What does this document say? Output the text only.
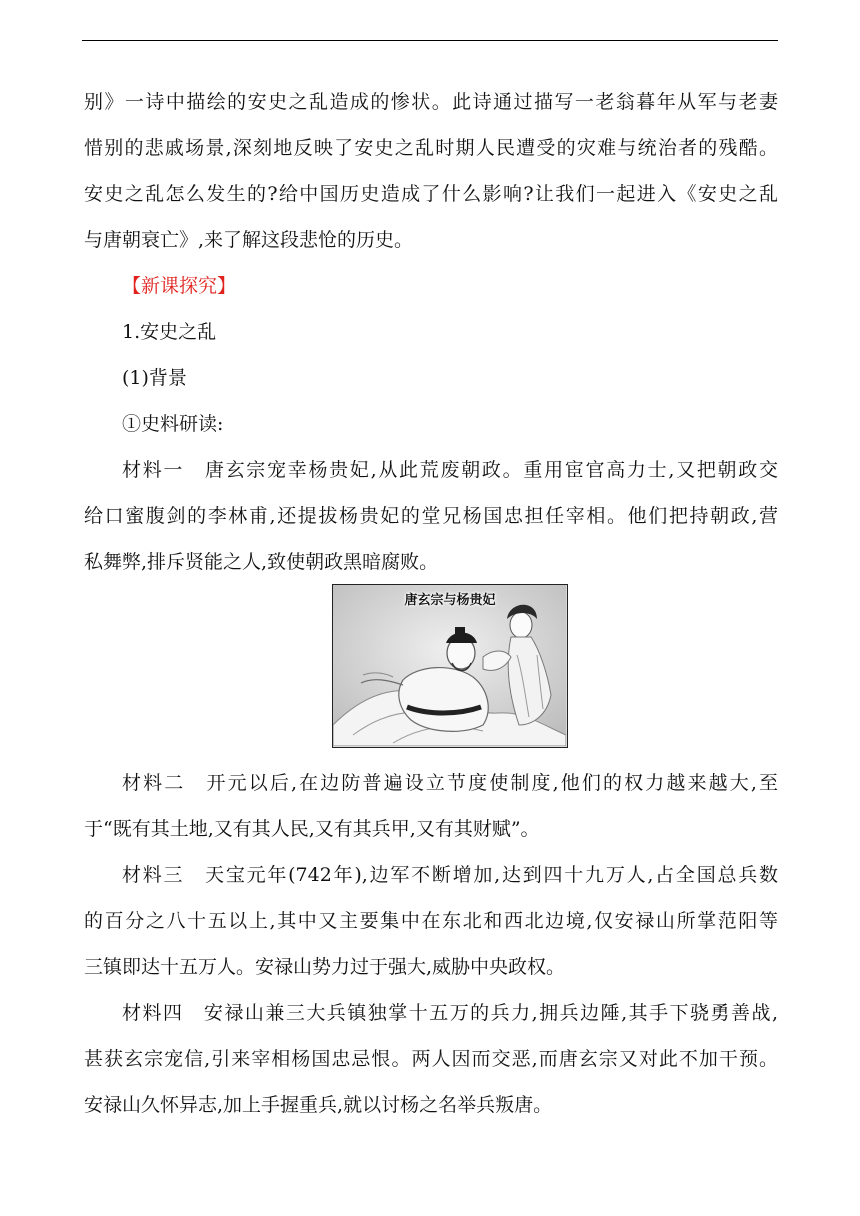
别》一诗中描绘的安史之乱造成的惨状。此诗通过描写一老翁暮年从军与老妻
惜别的悲戚场景,深刻地反映了安史之乱时期人民遭受的灾难与统治者的残酷。
安史之乱怎么发生的?给中国历史造成了什么影响?让我们一起进入《安史之乱
与唐朝衰亡》,来了解这段悲怆的历史。
【新课探究】
1.安史之乱
(1)背景
①史料研读:
材料一　唐玄宗宠幸杨贵妃,从此荒废朝政。重用宦官高力士,又把朝政交
给口蜜腹剑的李林甫,还提拔杨贵妃的堂兄杨国忠担任宰相。他们把持朝政,营
私舞弊,排斥贤能之人,致使朝政黑暗腐败。
唐玄宗与杨贵妃
材料二　开元以后,在边防普遍设立节度使制度,他们的权力越来越大,至
于“既有其土地,又有其人民,又有其兵甲,又有其财赋”。
材料三　天宝元年(742年),边军不断增加,达到四十九万人,占全国总兵数
的百分之八十五以上,其中又主要集中在东北和西北边境,仅安禄山所掌范阳等
三镇即达十五万人。安禄山势力过于强大,威胁中央政权。
材料四　安禄山兼三大兵镇独掌十五万的兵力,拥兵边陲,其手下骁勇善战,
甚获玄宗宠信,引来宰相杨国忠忌恨。两人因而交恶,而唐玄宗又对此不加干预。
安禄山久怀异志,加上手握重兵,就以讨杨之名举兵叛唐。
